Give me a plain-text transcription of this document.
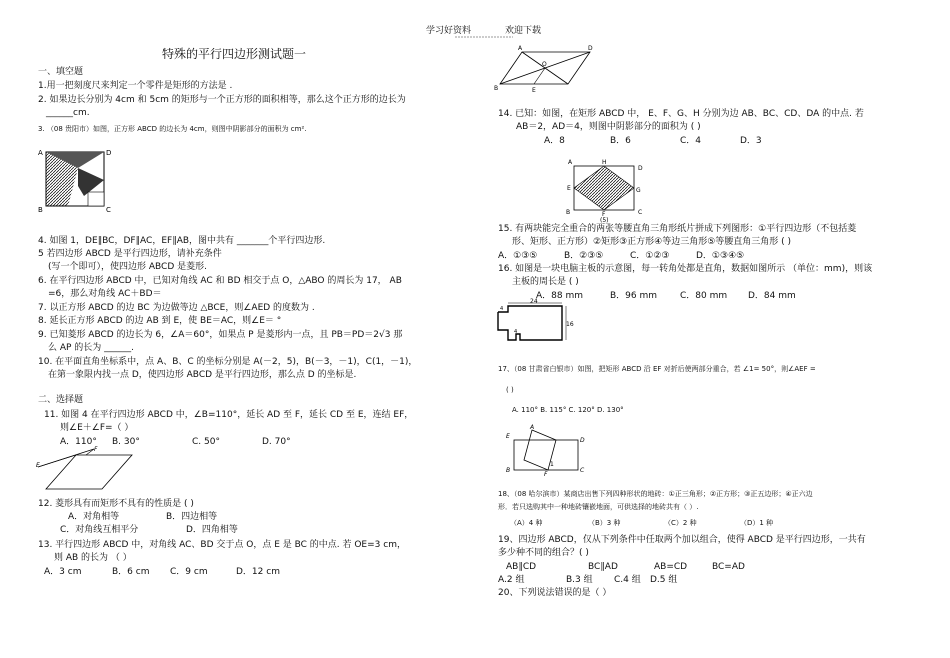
学习好资料	欢迎下载
特殊的平行四边形测试题一
一、填空题
1.用一把刻度尺来判定一个零件是矩形的方法是 .
2. 如果边长分别为 4cm 和 5cm 的矩形与一个正方形的面积相等，那么这个正方形的边长为
______cm.
3. （08 贵阳市）如图，正方形 ABCD 的边长为 4cm，则图中阴影部分的面积为 cm².
A	D
B	C
4. 如图 1，DE∥BC，DF∥AC，EF∥AB，图中共有 _______个平行四边形.
5 若四边形 ABCD 是平行四边形，请补充条件
(写一个即可），使四边形 ABCD 是菱形.
6. 在平行四边形 ABCD 中，已知对角线 AC 和 BD 相交于点 O，△ABO 的周长为 17， AB
=6，那么对角线 AC＋BD＝
7. 以正方形 ABCD 的边 BC 为边做等边 △BCE，则∠AED 的度数为 .
8. 延长正方形 ABCD 的边 AB 到 E，使 BE＝AC，则∠E＝ °
9. 已知菱形 ABCD 的边长为 6，∠A＝60°，如果点 P 是菱形内一点，且 PB＝PD＝2√3 那
么 AP 的长为 ______.
10. 在平面直角坐标系中，点 A、B、C 的坐标分别是 A(－2，5)，B(－3，－1)，C(1，－1)，
在第一象限内找一点 D，使四边形 ABCD 是平行四边形，那么点 D 的坐标是.
二、选择题
11. 如图 4 在平行四边形 ABCD 中，∠B=110°，延长 AD 至 F，延长 CD 至 E，连结 EF，
则∠E＋∠F=（ ）
A．110° B. 30°	C. 50°	D. 70°
E
F
12. 菱形具有而矩形不具有的性质是 ( )
A．对角相等	B．四边相等
C．对角线互相平分	D．四角相等
13. 平行四边形 ABCD 中，对角线 AC、BD 交于点 O，点 E 是 BC 的中点. 若 OE=3 cm，
则 AB 的长为 （ ）
A．3 cm	B．6 cm C．9 cm	D．12 cm
A	D
O
B	E
14. 已知：如图，在矩形 ABCD 中， E、F、G、H 分别为边 AB、BC、CD、DA 的中点. 若
AB＝2，AD＝4，则图中阴影部分的面积为 ( )
A．8	B．6	C．4	D．3
A	H
D
E	G
B	F	C
(5)
15. 有两块能完全重合的两张等腰直角三角形纸片拼成下列图形：①平行四边形（不包括菱
形、矩形、正方形）②矩形③正方形④等边三角形⑤等腰直角三角形 ( )
A．①③⑤	B．②③⑤	C．①②③	D．①③④⑤
16. 如图是一块电脑主板的示意图，每一转角处都是直角，数据如图所示 （单位：mm)，则该
主板的周长是 ( )
A．88 mm	B．96 mm	C．80 mm D．84 mm
24
16
4
4
17、（08 甘肃省白银市）如图，把矩形 ABCD 沿 EF 对折后使两部分重合，若 ∠1= 50°，则∠AEF =
( )
A. 110° B. 115° C. 120° D. 130°
E
A
D
B
F
C
1
18、（08 哈尔滨市）某商店出售下列四种形状的地砖：①正三角形；②正方形；③正五边形；④正六边
形．若只选购其中一种地砖镶嵌地面，可供选择的地砖共有（ ）.
（A）4 种	（B）3 种	（C）2 种	（D）1 种
19、四边形 ABCD，仅从下列条件中任取两个加以组合，使得 ABCD 是平行四边形，一共有
多少种不同的组合？( )
AB∥CD	BC∥AD	AB=CD	BC=AD
A.2 组	B.3 组 C.4 组 D.5 组
20、下列说法错误的是（ ）
